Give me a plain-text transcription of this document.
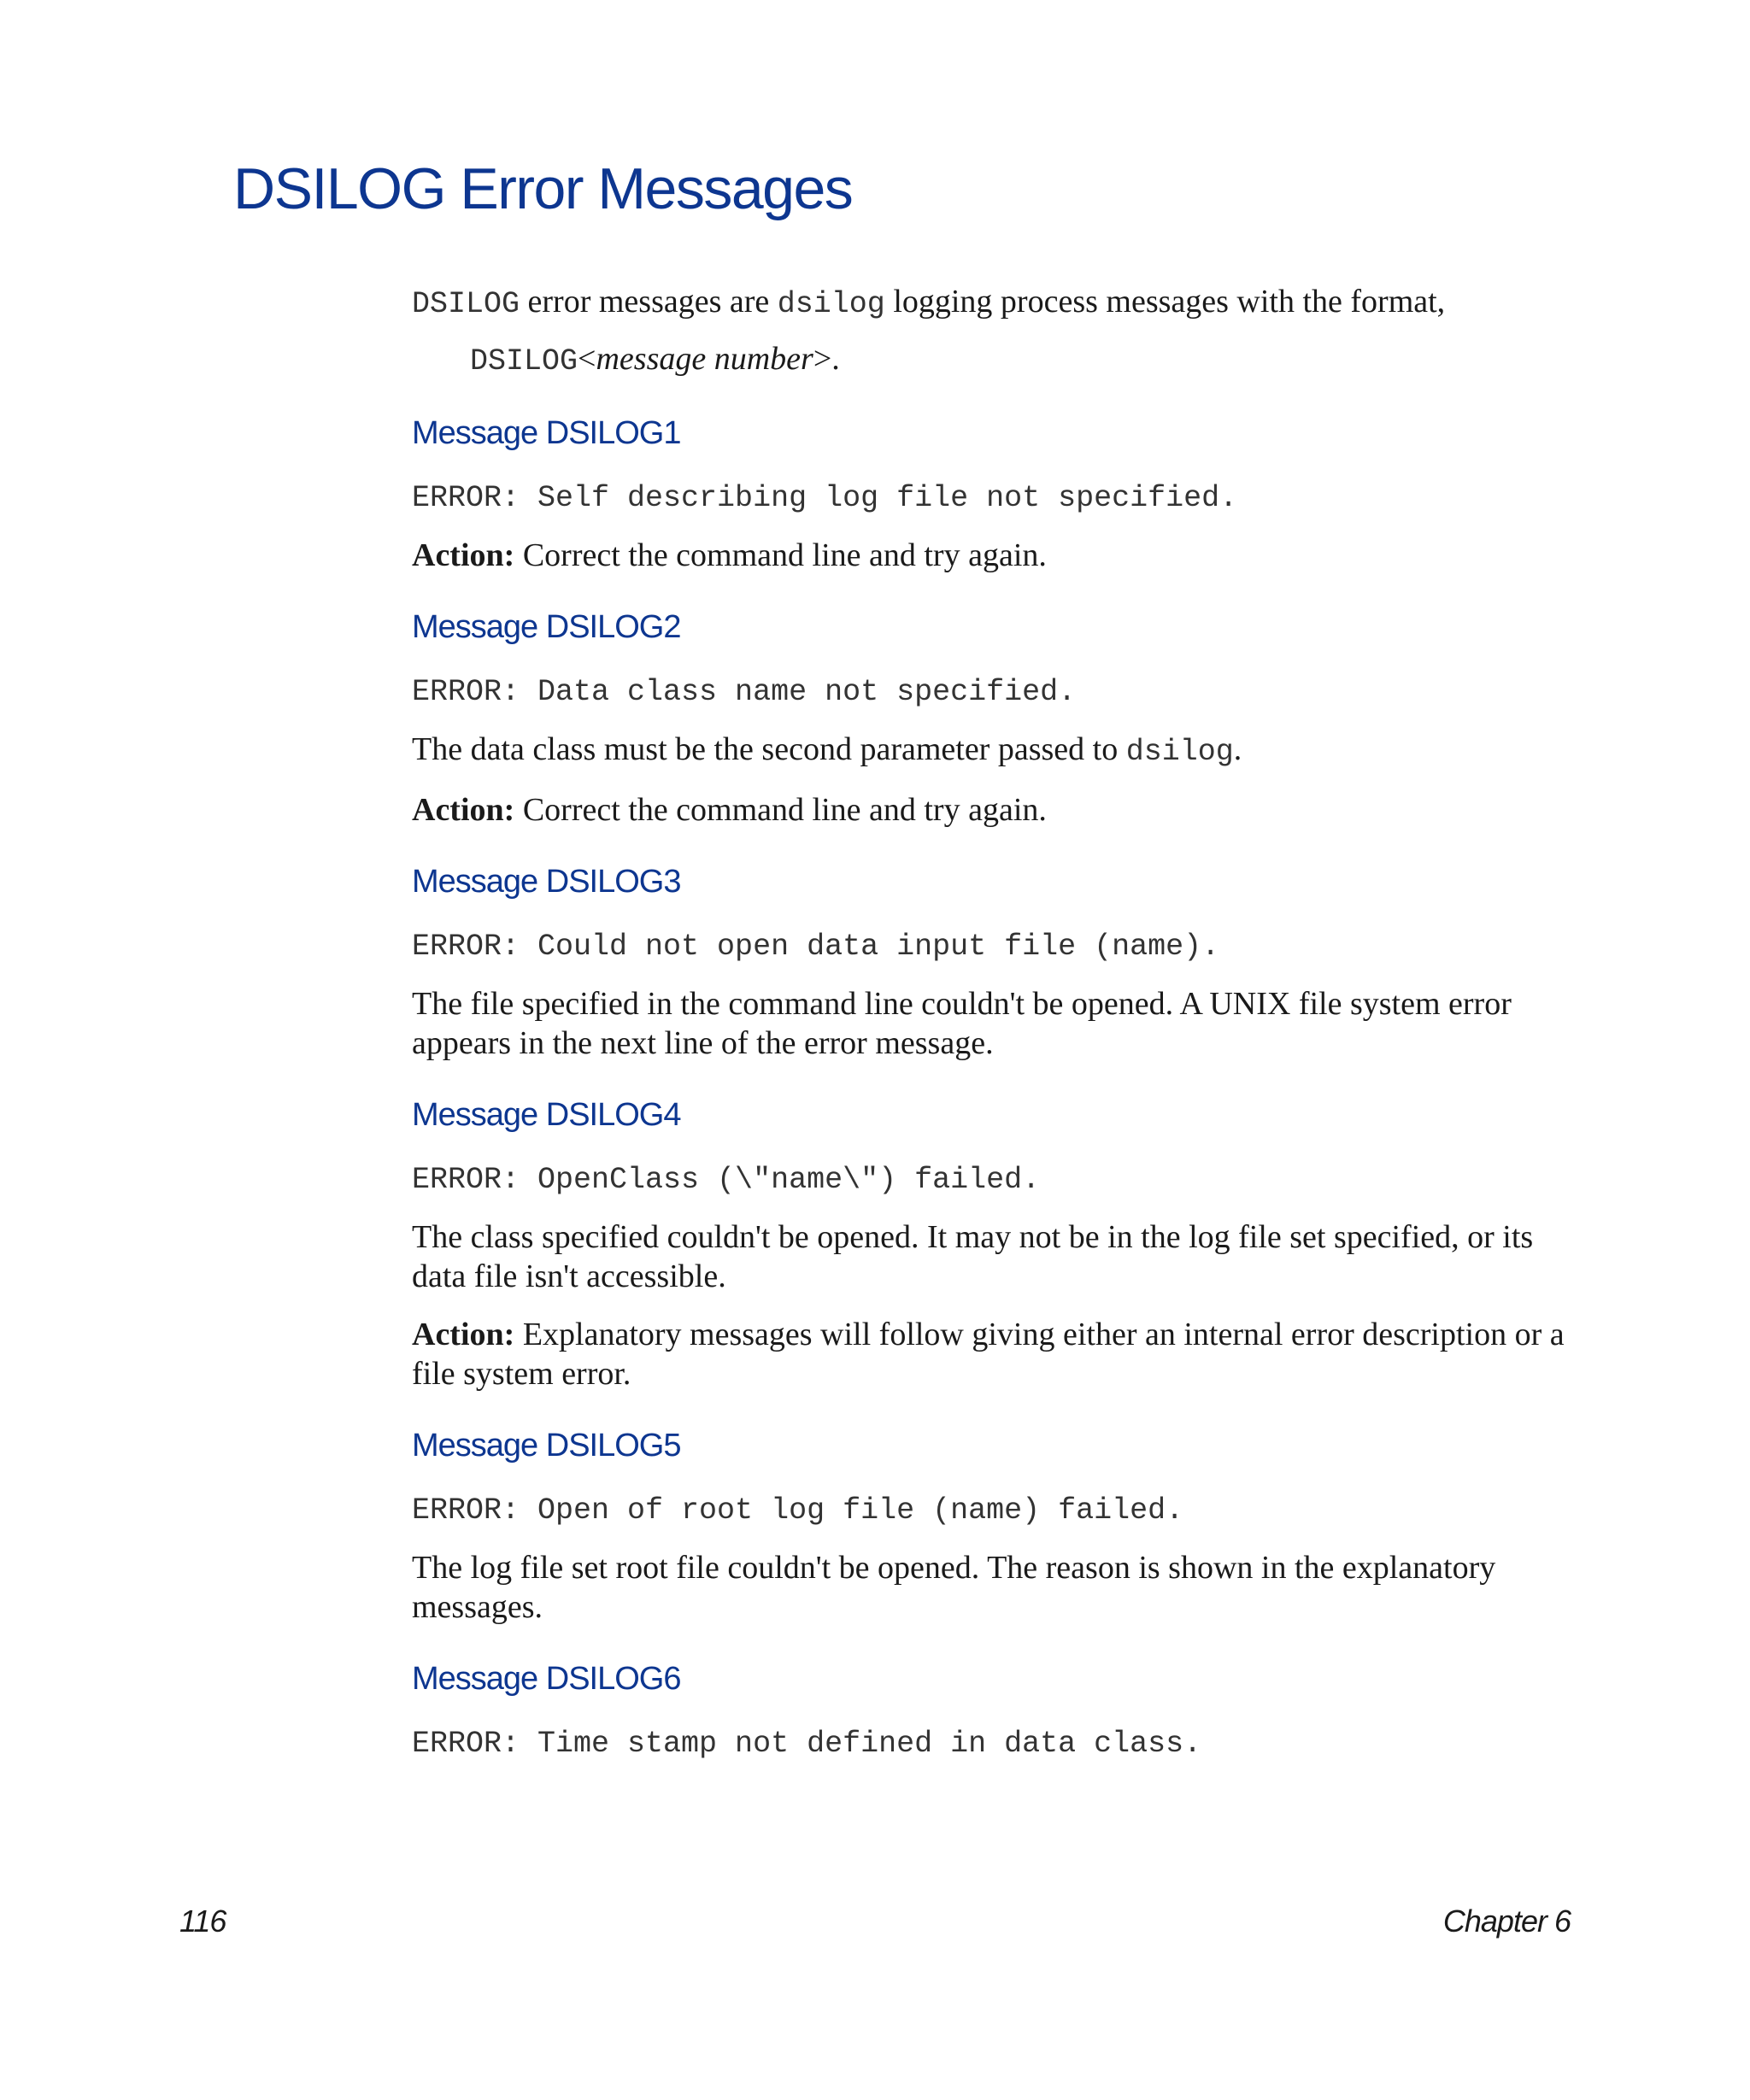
DSILOG Error Messages

DSILOG error messages are dsilog logging process messages with the format,

DSILOG<message number>.

Message DSILOG1

ERROR: Self describing log file not specified.

Action: Correct the command line and try again.

Message DSILOG2

ERROR: Data class name not specified.

The data class must be the second parameter passed to dsilog.

Action: Correct the command line and try again.

Message DSILOG3

ERROR: Could not open data input file (name).

The file specified in the command line couldn't be opened. A UNIX file system error appears in the next line of the error message.

Message DSILOG4

ERROR: OpenClass (\"name\") failed.

The class specified couldn't be opened. It may not be in the log file set specified, or its data file isn't accessible.

Action: Explanatory messages will follow giving either an internal error description or a file system error.

Message DSILOG5

ERROR: Open of root log file (name) failed.

The log file set root file couldn't be opened. The reason is shown in the explanatory messages.

Message DSILOG6

ERROR: Time stamp not defined in data class.

116	Chapter 6
